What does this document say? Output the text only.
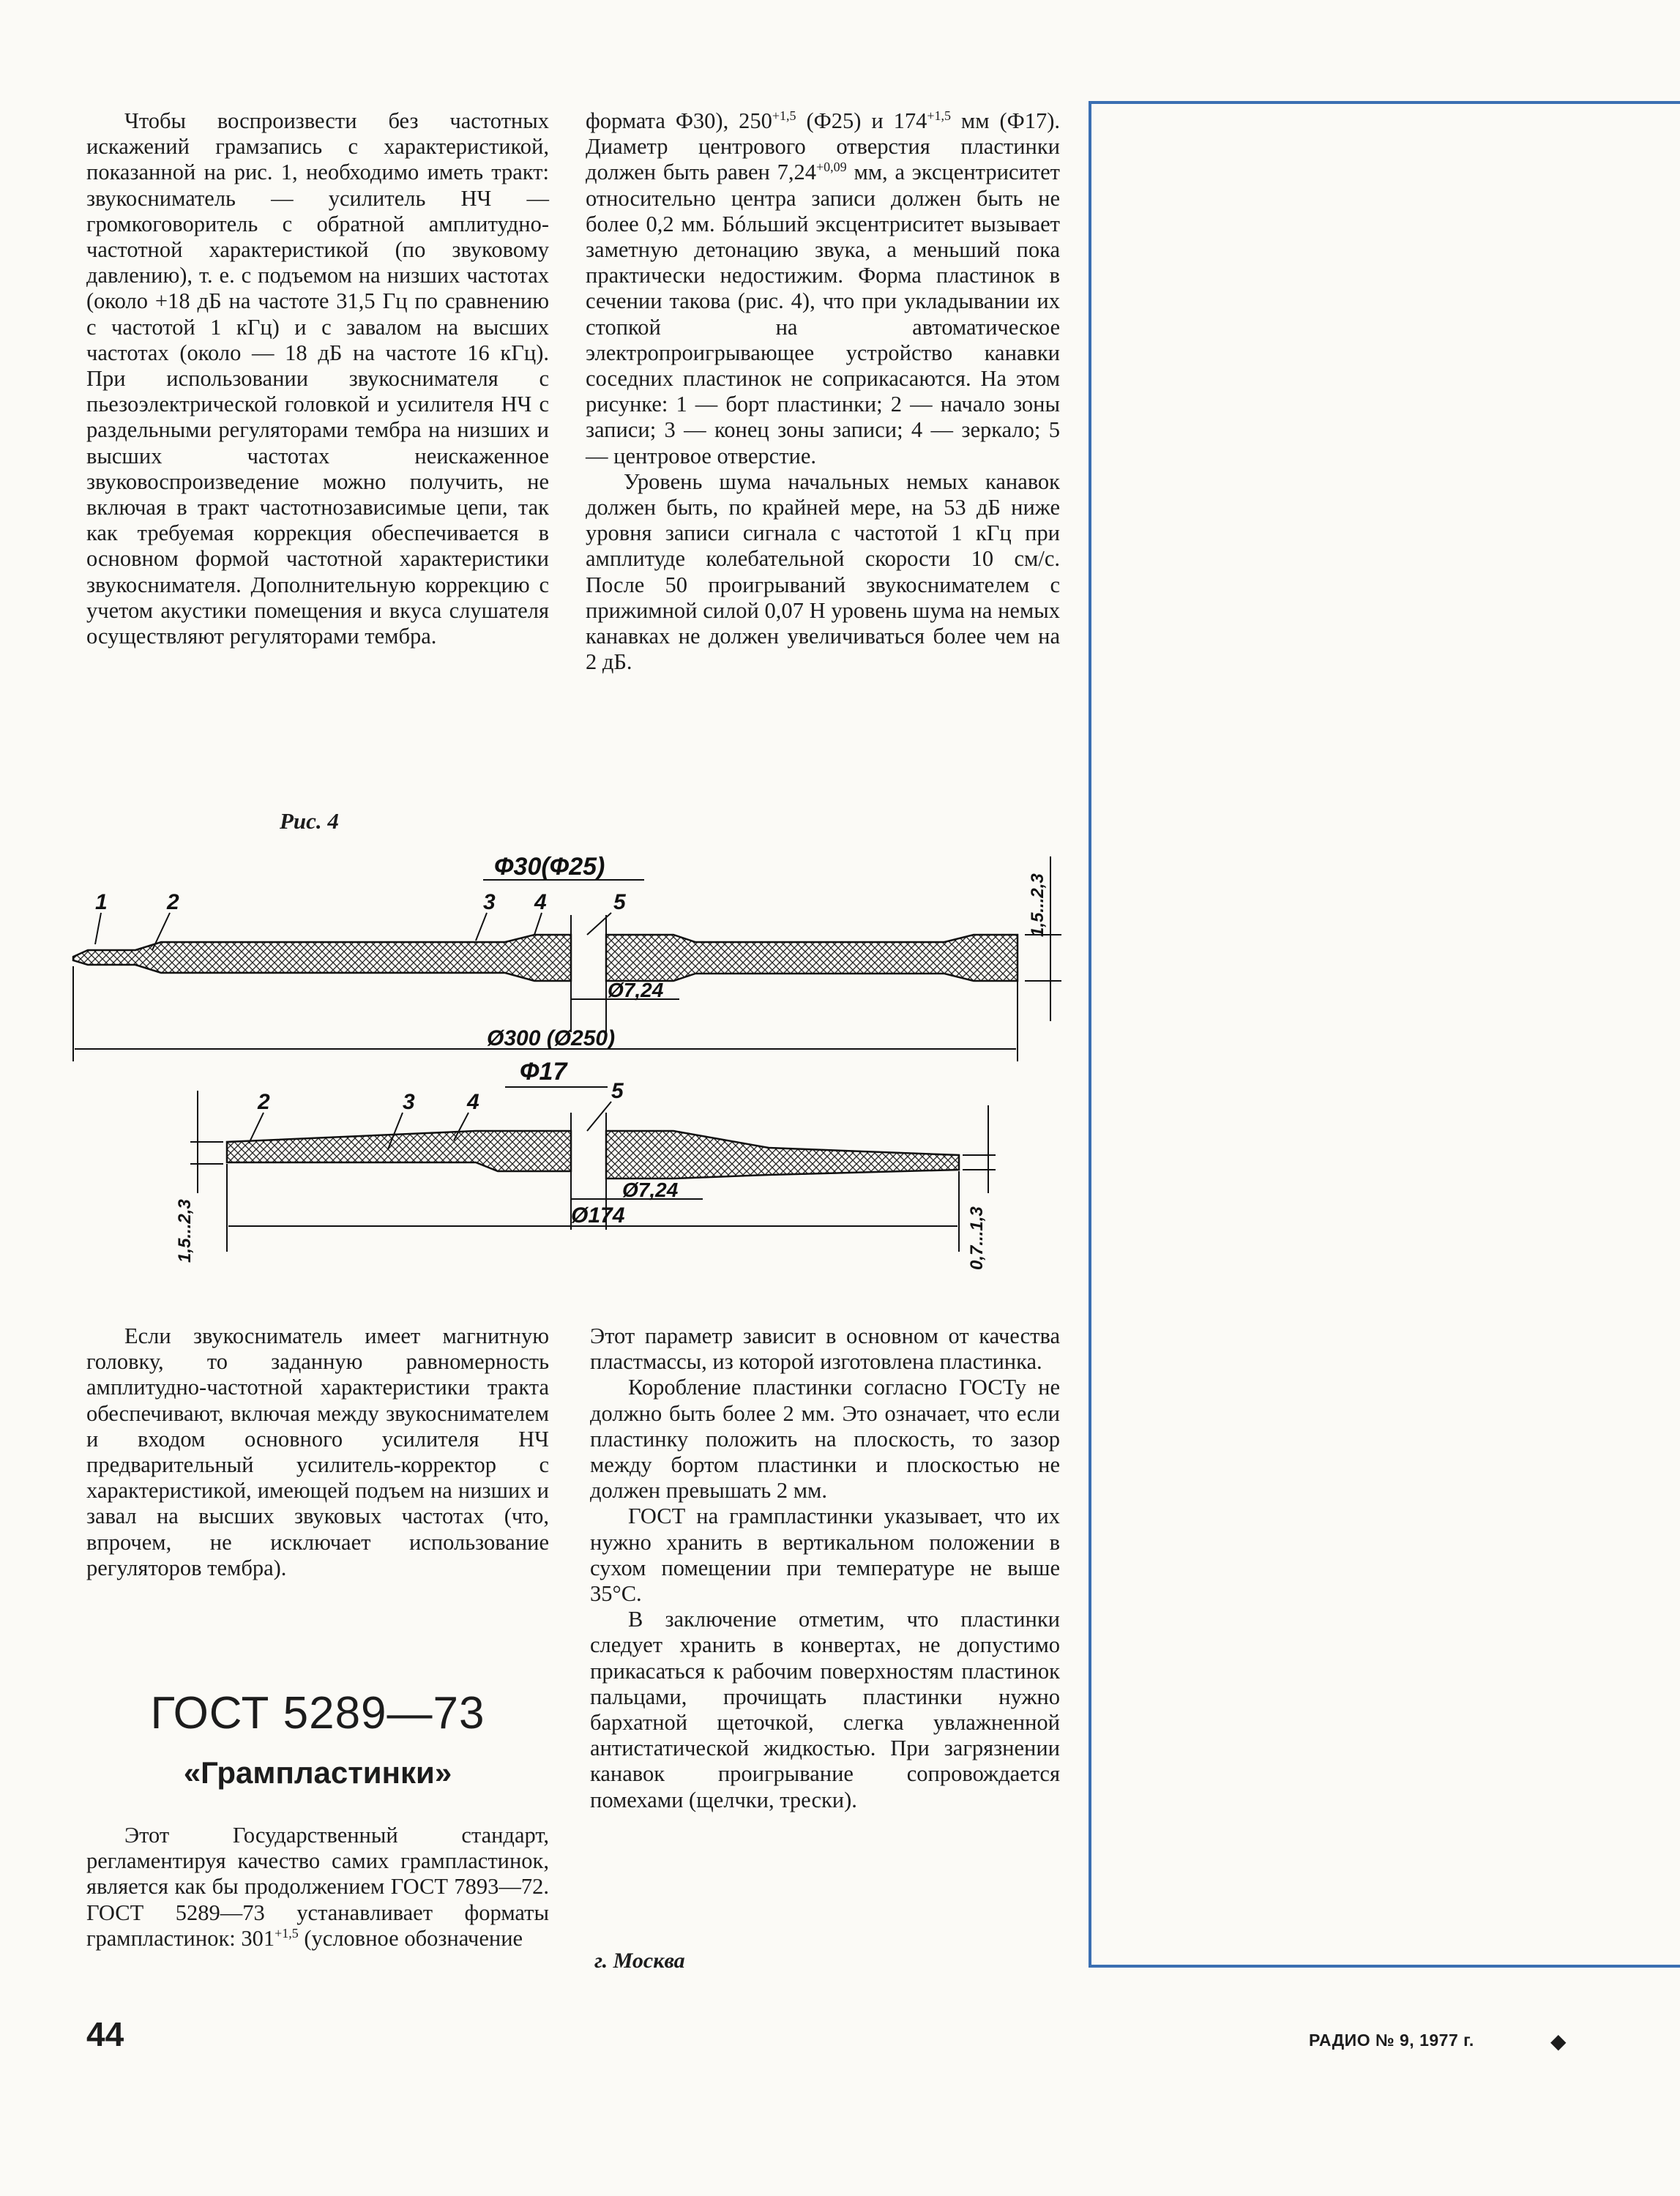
Чтобы воспроизвести без частотных искажений грамзапись с характеристикой, показанной на рис. 1, необходимо иметь тракт: звукосниматель — усилитель НЧ — громкоговоритель с обратной амплитудно-частотной характеристикой (по звуковому давлению), т. е. с подъемом на низших частотах (около +18 дБ на частоте 31,5 Гц по сравнению с частотой 1 кГц) и с завалом на высших частотах (около — 18 дБ на частоте 16 кГц). При использовании звукоснимателя с пьезоэлектрической головкой и усилителя НЧ с раздельными регуляторами тембра на низших и высших частотах неискаженное звуковоспроизведение можно получить, не включая в тракт частотнозависимые цепи, так как требуемая коррекция обеспечивается в основном формой частотной характеристики звукоснимателя. Дополнительную коррекцию с учетом акустики помещения и вкуса слушателя осуществляют регуляторами тембра.

формата Ф30), $250^{+1,5}$ (Ф25) и $174^{+1,5}$ мм (Ф17). Диаметр центрового отверстия пластинки должен быть равен $7,24^{+0,09}$ мм, а эксцентриситет относительно центра записи должен быть не более 0,2 мм. Бóльший эксцентриситет вызывает заметную детонацию звука, а меньший пока практически недостижим. Форма пластинок в сечении такова (рис. 4), что при укладывании их стопкой на автоматическое электропроигрывающее устройство канавки соседних пластинок не соприкасаются. На этом рисунке: 1 — борт пластинки; 2 — начало зоны записи; 3 — конец зоны записи; 4 — зеркало; 5 — центровое отверстие.

Уровень шума начальных немых канавок должен быть, по крайней мере, на 53 дБ ниже уровня записи сигнала с частотой 1 кГц при амплитуде колебательной скорости 10 см/с. После 50 проигрываний звукоснимателем с прижимной силой 0,07 Н уровень шума на немых канавках не должен увеличиваться более чем на 2 дБ.

Рис. 4
Ф30(Ф25)
Ф17
Ø7,24
Ø7,24
Ø300 (Ø250)
Ø174
1	2	3 4	5
2	3 4	5
1,5...2,3
1,5...2,3	0,7...1,3

Если звукосниматель имеет магнитную головку, то заданную равномерность амплитудно-частотной характеристики тракта обеспечивают, включая между звукоснимателем и входом основного усилителя НЧ предварительный усилитель-корректор с характеристикой, имеющей подъем на низших и завал на высших звуковых частотах (что, впрочем, не исключает использование регуляторов тембра).

Этот параметр зависит в основном от качества пластмассы, из которой изготовлена пластинка.

Коробление пластинки согласно ГОСТу не должно быть более 2 мм. Это означает, что если пластинку положить на плоскость, то зазор между бортом пластинки и плоскостью не должен превышать 2 мм.

ГОСТ на грампластинки указывает, что их нужно хранить в вертикальном положении в сухом помещении при температуре не выше 35°С.

В заключение отметим, что пластинки следует хранить в конвертах, не допустимо прикасаться к рабочим поверхностям пластинок пальцами, прочищать пластинки нужно бархатной щеточкой, слегка увлажненной антистатической жидкостью. При загрязнении канавок проигрывание сопровождается помехами (щелчки, трески).

ГОСТ 5289—73
«Грампластинки»

Этот Государственный стандарт, регламентируя качество самих грампластинок, является как бы продолжением ГОСТ 7893—72. ГОСТ 5289—73 устанавливает форматы грампластинок: $301^{+1,5}$ (условное обозначение

г. Москва
44	РАДИО № 9, 1977 г.	◆
